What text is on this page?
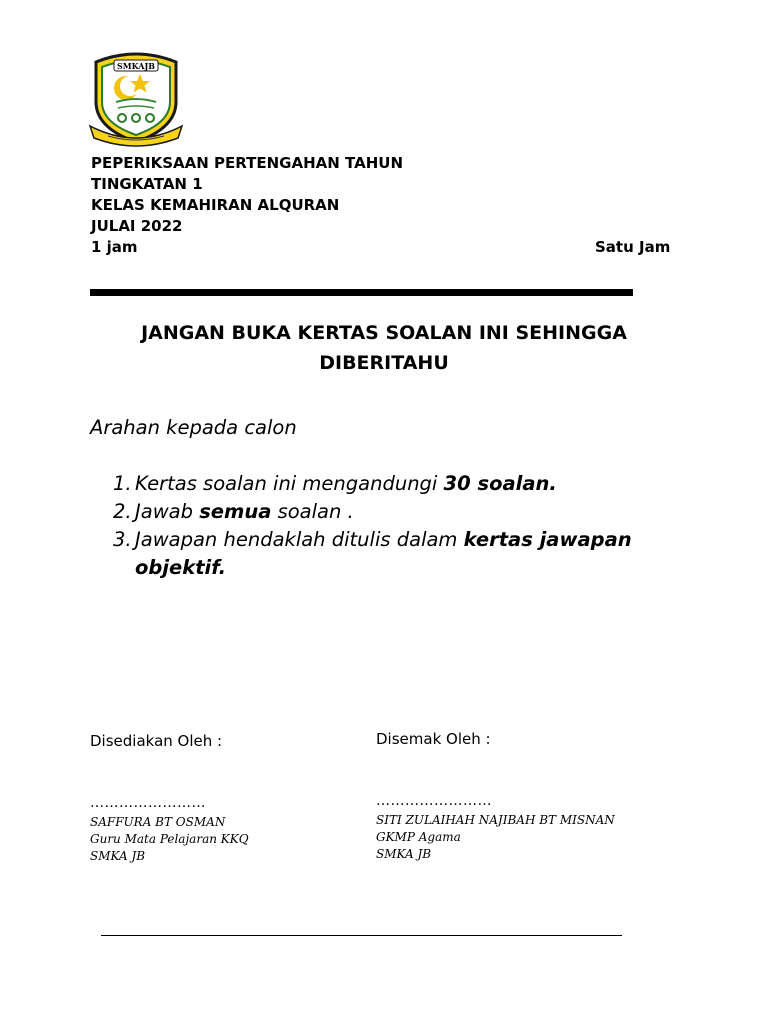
SMKAJB
PEPERIKSAAN PERTENGAHAN TAHUN
TINGKATAN 1
KELAS KEMAHIRAN ALQURAN
JULAI 2022
1 jam	Satu Jam
JANGAN BUKA KERTAS SOALAN INI SEHINGGA
DIBERITAHU
Arahan kepada calon
1. Kertas soalan ini mengandungi 30 soalan.
2. Jawab semua soalan .
3. Jawapan hendaklah ditulis dalam kertas jawapan
objektif.
Disediakan Oleh :
……………………
SAFFURA BT OSMAN
Guru Mata Pelajaran KKQ
SMKA JB
Disemak Oleh :
……………………
SITI ZULAIHAH NAJIBAH BT MISNAN
GKMP Agama
SMKA JB
